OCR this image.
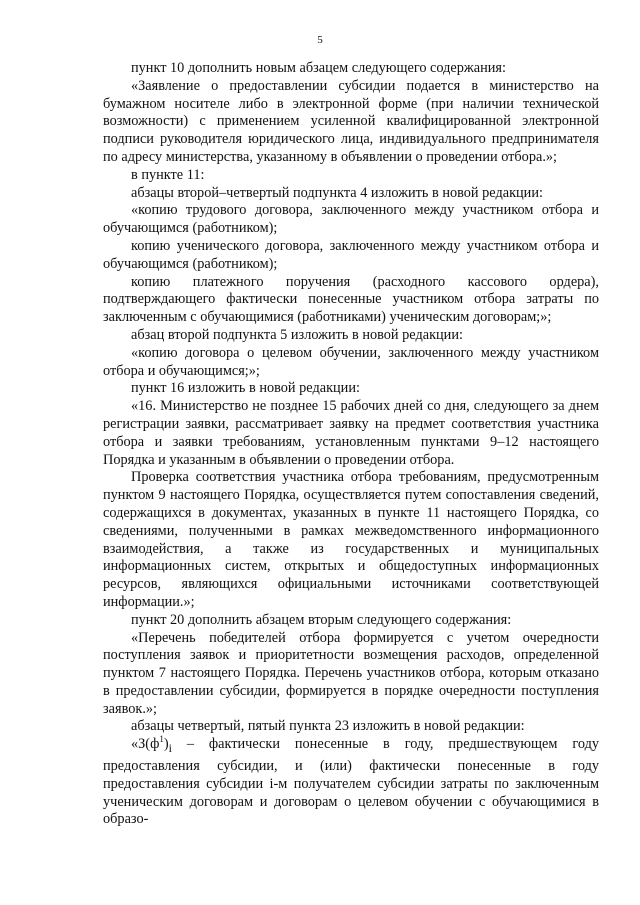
5

пункт 10 дополнить новым абзацем следующего содержания:

«Заявление о предоставлении субсидии подается в министерство на бумажном носителе либо в электронной форме (при наличии технической возможности) с применением усиленной квалифицированной электронной подписи руководителя юридического лица, индивидуального предпринимателя по адресу министерства, указанному в объявлении о проведении отбора.»;

в пункте 11:

абзацы второй–четвертый подпункта 4 изложить в новой редакции:

«копию трудового договора, заключенного между участником отбора и обучающимся (работником);

копию ученического договора, заключенного между участником отбора и обучающимся (работником);

копию платежного поручения (расходного кассового ордера), подтверждающего фактически понесенные участником отбора затраты по заключенным с обучающимися (работниками) ученическим договорам;»;

абзац второй подпункта 5 изложить в новой редакции:

«копию договора о целевом обучении, заключенного между участником отбора и обучающимся;»;

пункт 16 изложить в новой редакции:

«16. Министерство не позднее 15 рабочих дней со дня, следующего за днем регистрации заявки, рассматривает заявку на предмет соответствия участника отбора и заявки требованиям, установленным пунктами 9–12 настоящего Порядка и указанным в объявлении о проведении отбора.

Проверка соответствия участника отбора требованиям, предусмотренным пунктом 9 настоящего Порядка, осуществляется путем сопоставления сведений, содержащихся в документах, указанных в пункте 11 настоящего Порядка, со сведениями, полученными в рамках межведомственного информационного взаимодействия, а также из государственных и муниципальных информационных систем, открытых и общедоступных информационных ресурсов, являющихся официальными источниками соответствующей информации.»;

пункт 20 дополнить абзацем вторым следующего содержания:

«Перечень победителей отбора формируется с учетом очередности поступления заявок и приоритетности возмещения расходов, определенной пунктом 7 настоящего Порядка. Перечень участников отбора, которым отказано в предоставлении субсидии, формируется в порядке очередности поступления заявок.»;

абзацы четвертый, пятый пункта 23 изложить в новой редакции:

«$З(ф^1)_i$ – фактически понесенные в году, предшествующем году предоставления субсидии, и (или) фактически понесенные в году предоставления субсидии i-м получателем субсидии затраты по заключенным ученическим договорам и договорам о целевом обучении с обучающимися в образо-
